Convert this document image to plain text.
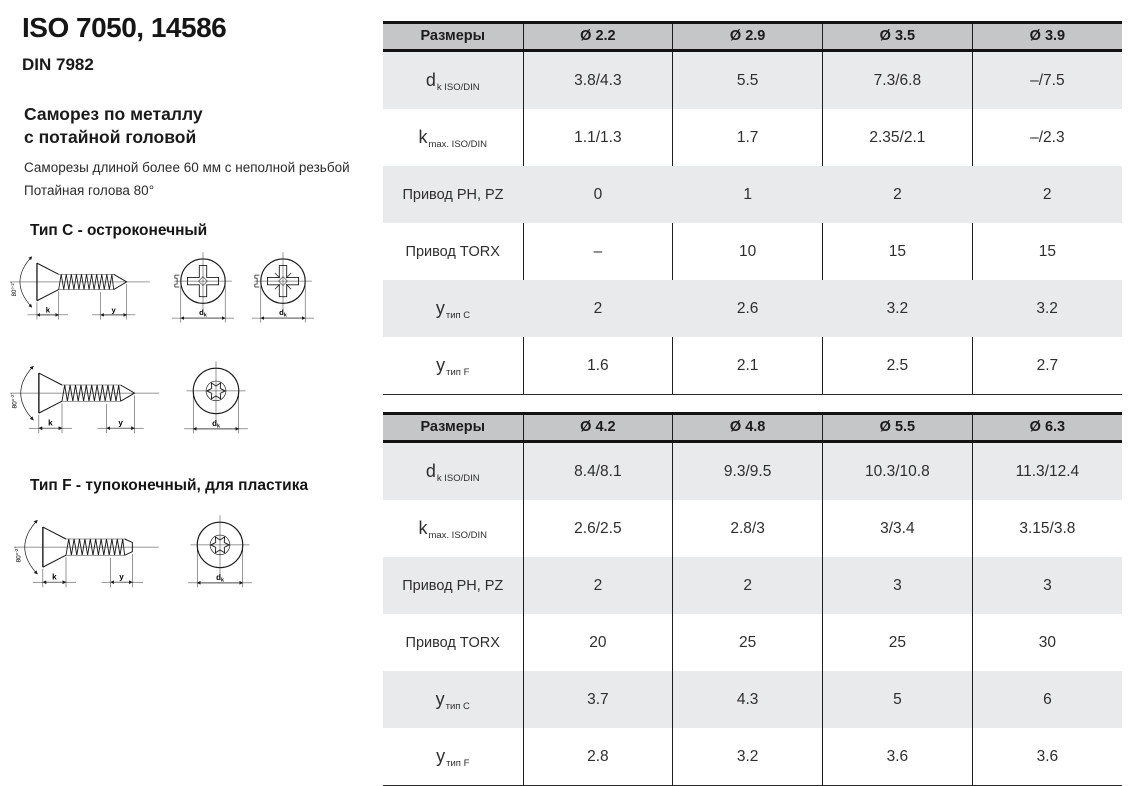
ISO 7050, 14586
DIN 7982
Саморез по металлу
с потайной головой
Саморезы длиной более 60 мм с неполной резьбой
Потайная голова 80°
Тип C - остроконечный
Тип F - тупоконечный, для пластика
Размеры	Ø 2.2	Ø 2.9	Ø 3.5	Ø 3.9
$d_{k ISO/DIN}$	3.8/4.3	5.5	7.3/6.8	–/7.5
$k_{max. ISO/DIN}$	1.1/1.3	1.7	2.35/2.1	–/2.3
Привод PH, PZ	0	1	2	2
Привод TORX	–	10	15	15
$y_{тип C}$	2	2.6	3.2	3.2
$y_{тип F}$	1.6	2.1	2.5	2.7
Размеры	Ø 4.2	Ø 4.8	Ø 5.5	Ø 6.3
$d_{k ISO/DIN}$	8.4/8.1	9.3/9.5	10.3/10.8	11.3/12.4
$k_{max. ISO/DIN}$	2.6/2.5	2.8/3	3/3.4	3.15/3.8
Привод PH, PZ	2	2	3	3
Привод TORX	20	25	25	30
$y_{тип C}$	3.7	4.3	5	6
$y_{тип F}$	2.8	3.2	3.6	3.6
